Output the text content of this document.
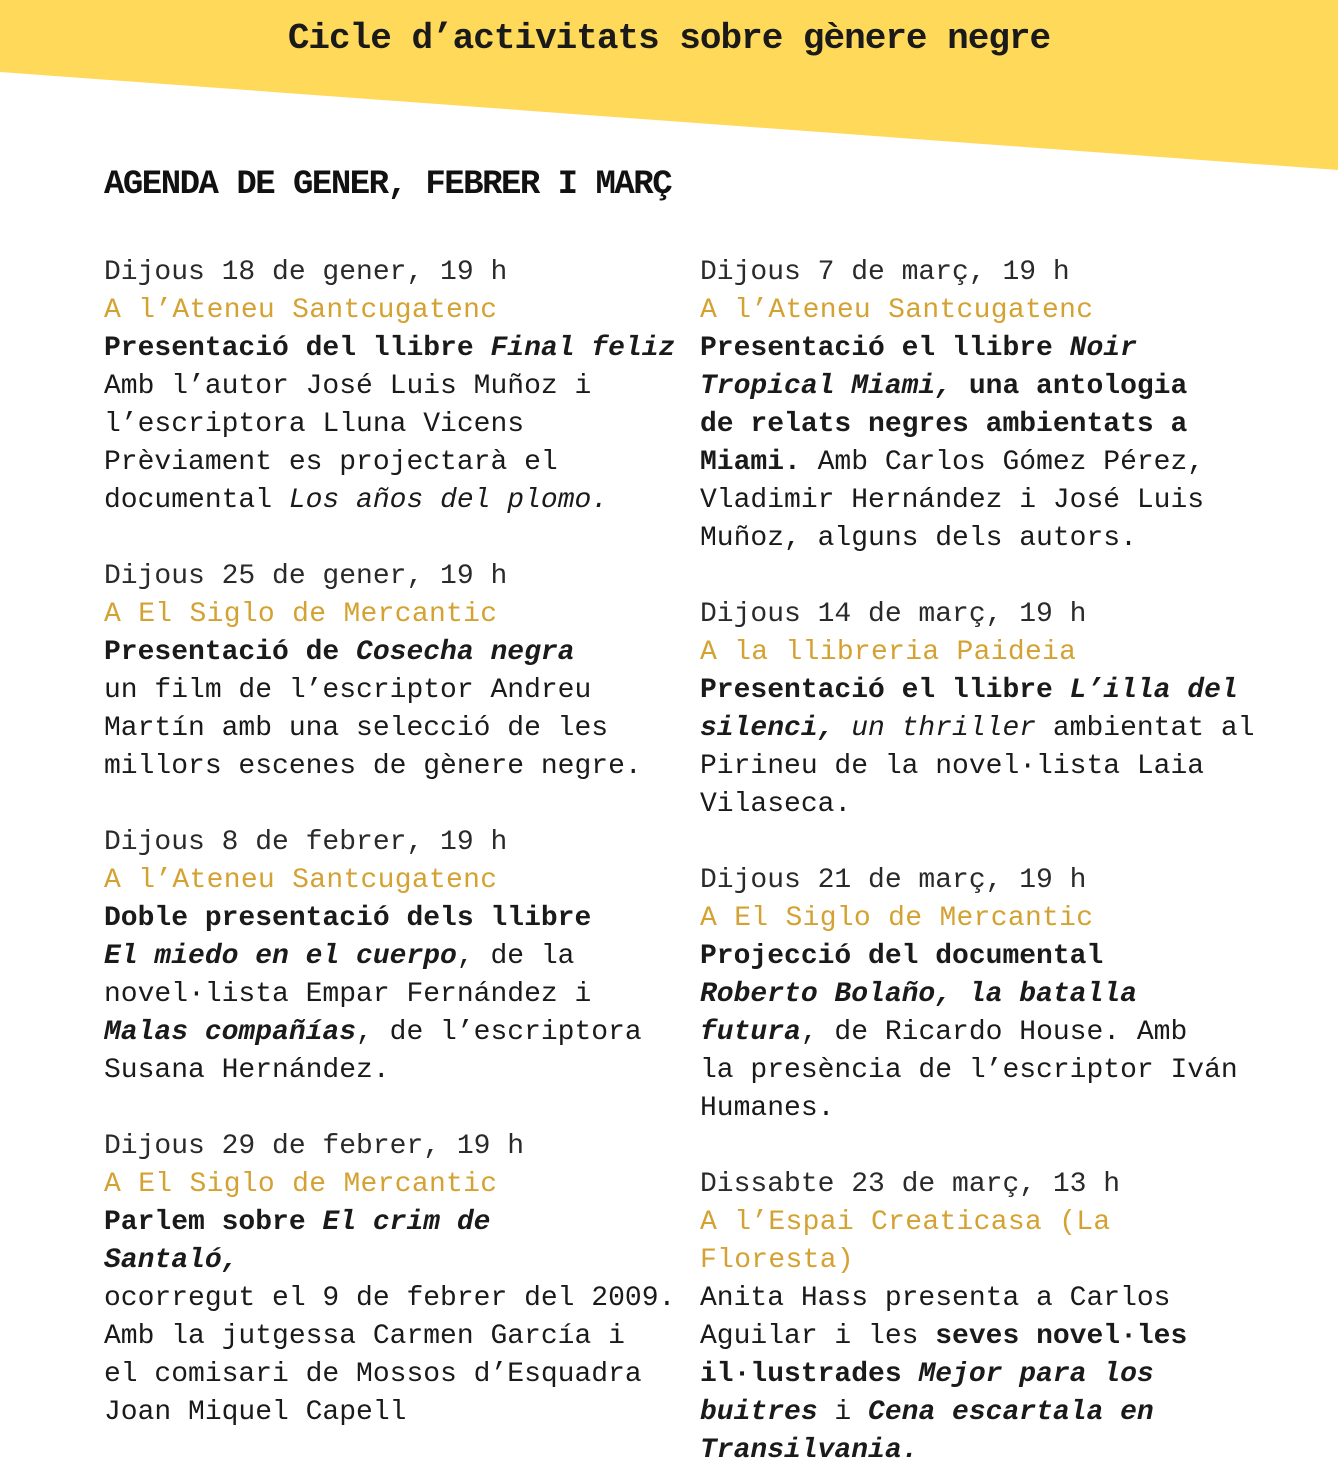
Cicle d’activitats sobre gènere negre
AGENDA DE GENER, FEBRER I MARÇ
Dijous 18 de gener, 19 h
A l’Ateneu Santcugatenc
Presentació del llibre Final feliz
Amb l’autor José Luis Muñoz i
l’escriptora Lluna Vicens
Prèviament es projectarà el
documental Los años del plomo.
Dijous 25 de gener, 19 h
A El Siglo de Mercantic
Presentació de Cosecha negra
un film de l’escriptor Andreu
Martín amb una selecció de les
millors escenes de gènere negre.
Dijous 8 de febrer, 19 h
A l’Ateneu Santcugatenc
Doble presentació dels llibre
El miedo en el cuerpo, de la
novel·lista Empar Fernández i
Malas compañías, de l’escriptora
Susana Hernández.
Dijous 29 de febrer, 19 h
A El Siglo de Mercantic
Parlem sobre El crim de
Santaló,
ocorregut el 9 de febrer del 2009.
Amb la jutgessa Carmen García i
el comisari de Mossos d’Esquadra
Joan Miquel Capell
Dijous 7 de març, 19 h
A l’Ateneu Santcugatenc
Presentació el llibre Noir
Tropical Miami, una antologia
de relats negres ambientats a
Miami. Amb Carlos Gómez Pérez,
Vladimir Hernández i José Luis
Muñoz, alguns dels autors.
Dijous 14 de març, 19 h
A la llibreria Paideia
Presentació el llibre L’illa del
silenci, un thriller ambientat al
Pirineu de la novel·lista Laia
Vilaseca.
Dijous 21 de març, 19 h
A El Siglo de Mercantic
Projecció del documental
Roberto Bolaño, la batalla
futura, de Ricardo House. Amb
la presència de l’escriptor Iván
Humanes.
Dissabte 23 de març, 13 h
A l’Espai Creaticasa (La
Floresta)
Anita Hass presenta a Carlos
Aguilar i les seves novel·les
il·lustrades Mejor para los
buitres i Cena escartala en
Transilvania.
